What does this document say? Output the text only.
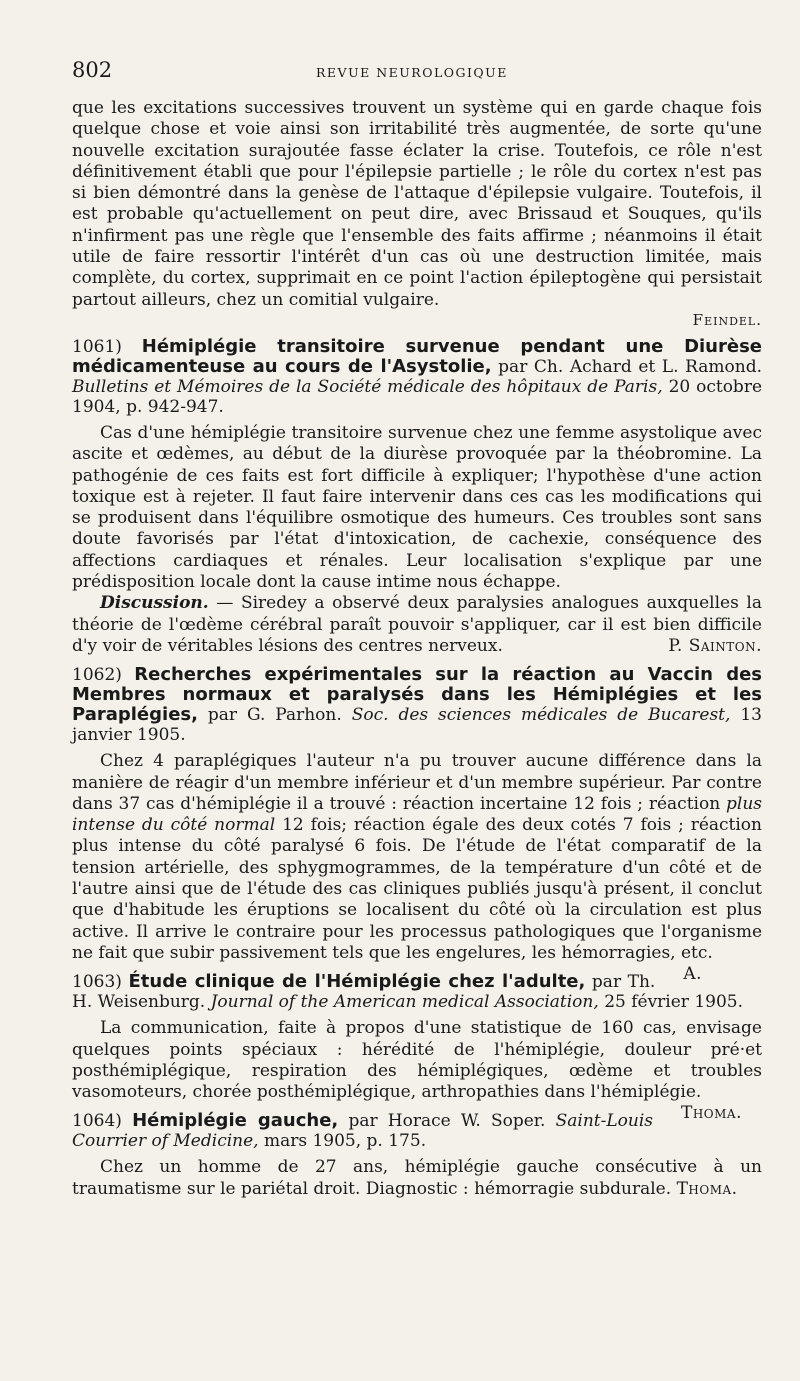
802	REVUE NEUROLOGIQUE

que les excitations successives trouvent un système qui en garde chaque fois quelque chose et voie ainsi son irritabilité très augmentée, de sorte qu'une nouvelle excitation surajoutée fasse éclater la crise. Toutefois, ce rôle n'est définitivement établi que pour l'épilepsie partielle ; le rôle du cortex n'est pas si bien démontré dans la genèse de l'attaque d'épilepsie vulgaire. Toutefois, il est probable qu'actuellement on peut dire, avec Brissaud et Souques, qu'ils n'infirment pas une règle que l'ensemble des faits affirme ; néanmoins il était utile de faire ressortir l'intérêt d'un cas où une destruction limitée, mais complète, du cortex, supprimait en ce point l'action épileptogène qui persistait partout ailleurs, chez un comitial vulgaire.

Feindel.

1061) Hémiplégie transitoire survenue pendant une Diurèse médicamenteuse au cours de l'Asystolie, par Ch. Achard et L. Ramond. Bulletins et Mémoires de la Société médicale des hôpitaux de Paris, 20 octobre 1904, p. 942-947.

Cas d'une hémiplégie transitoire survenue chez une femme asystolique avec ascite et œdèmes, au début de la diurèse provoquée par la théobromine. La pathogénie de ces faits est fort difficile à expliquer; l'hypothèse d'une action toxique est à rejeter. Il faut faire intervenir dans ces cas les modifications qui se produisent dans l'équilibre osmotique des humeurs. Ces troubles sont sans doute favorisés par l'état d'intoxication, de cachexie, conséquence des affections cardiaques et rénales. Leur localisation s'explique par une prédisposition locale dont la cause intime nous échappe.

Discussion. — Siredey a observé deux paralysies analogues auxquelles la théorie de l'œdème cérébral paraît pouvoir s'appliquer, car il est bien difficile d'y voir de véritables lésions des centres nerveux.	P. Sainton.

1062) Recherches expérimentales sur la réaction au Vaccin des Membres normaux et paralysés dans les Hémiplégies et les Paraplégies, par G. Parhon. Soc. des sciences médicales de Bucarest, 13 janvier 1905.

Chez 4 paraplégiques l'auteur n'a pu trouver aucune différence dans la manière de réagir d'un membre inférieur et d'un membre supérieur. Par contre dans 37 cas d'hémiplégie il a trouvé : réaction incertaine 12 fois ; réaction plus intense du côté normal 12 fois; réaction égale des deux cotés 7 fois ; réaction plus intense du côté paralysé 6 fois. De l'étude de l'état comparatif de la tension artérielle, des sphygmogrammes, de la température d'un côté et de l'autre ainsi que de l'étude des cas cliniques publiés jusqu'à présent, il conclut que d'habitude les éruptions se localisent du côté où la circulation est plus active. Il arrive le contraire pour les processus pathologiques que l'organisme ne fait que subir passivement tels que les engelures, les hémorragies, etc.
A.

1063) Étude clinique de l'Hémiplégie chez l'adulte, par Th. H. Weisenburg. Journal of the American medical Association, 25 février 1905.

La communication, faite à propos d'une statistique de 160 cas, envisage quelques points spéciaux : hérédité de l'hémiplégie, douleur pré·et posthémiplégique, respiration des hémiplégiques, œdème et troubles vasomoteurs, chorée posthémiplégique, arthropathies dans l'hémiplégie.
Thoma.

1064) Hémiplégie gauche, par Horace W. Soper. Saint-Louis Courrier of Medicine, mars 1905, p. 175.

Chez un homme de 27 ans, hémiplégie gauche consécutive à un traumatisme sur le pariétal droit. Diagnostic : hémorragie subdurale. Thoma.
